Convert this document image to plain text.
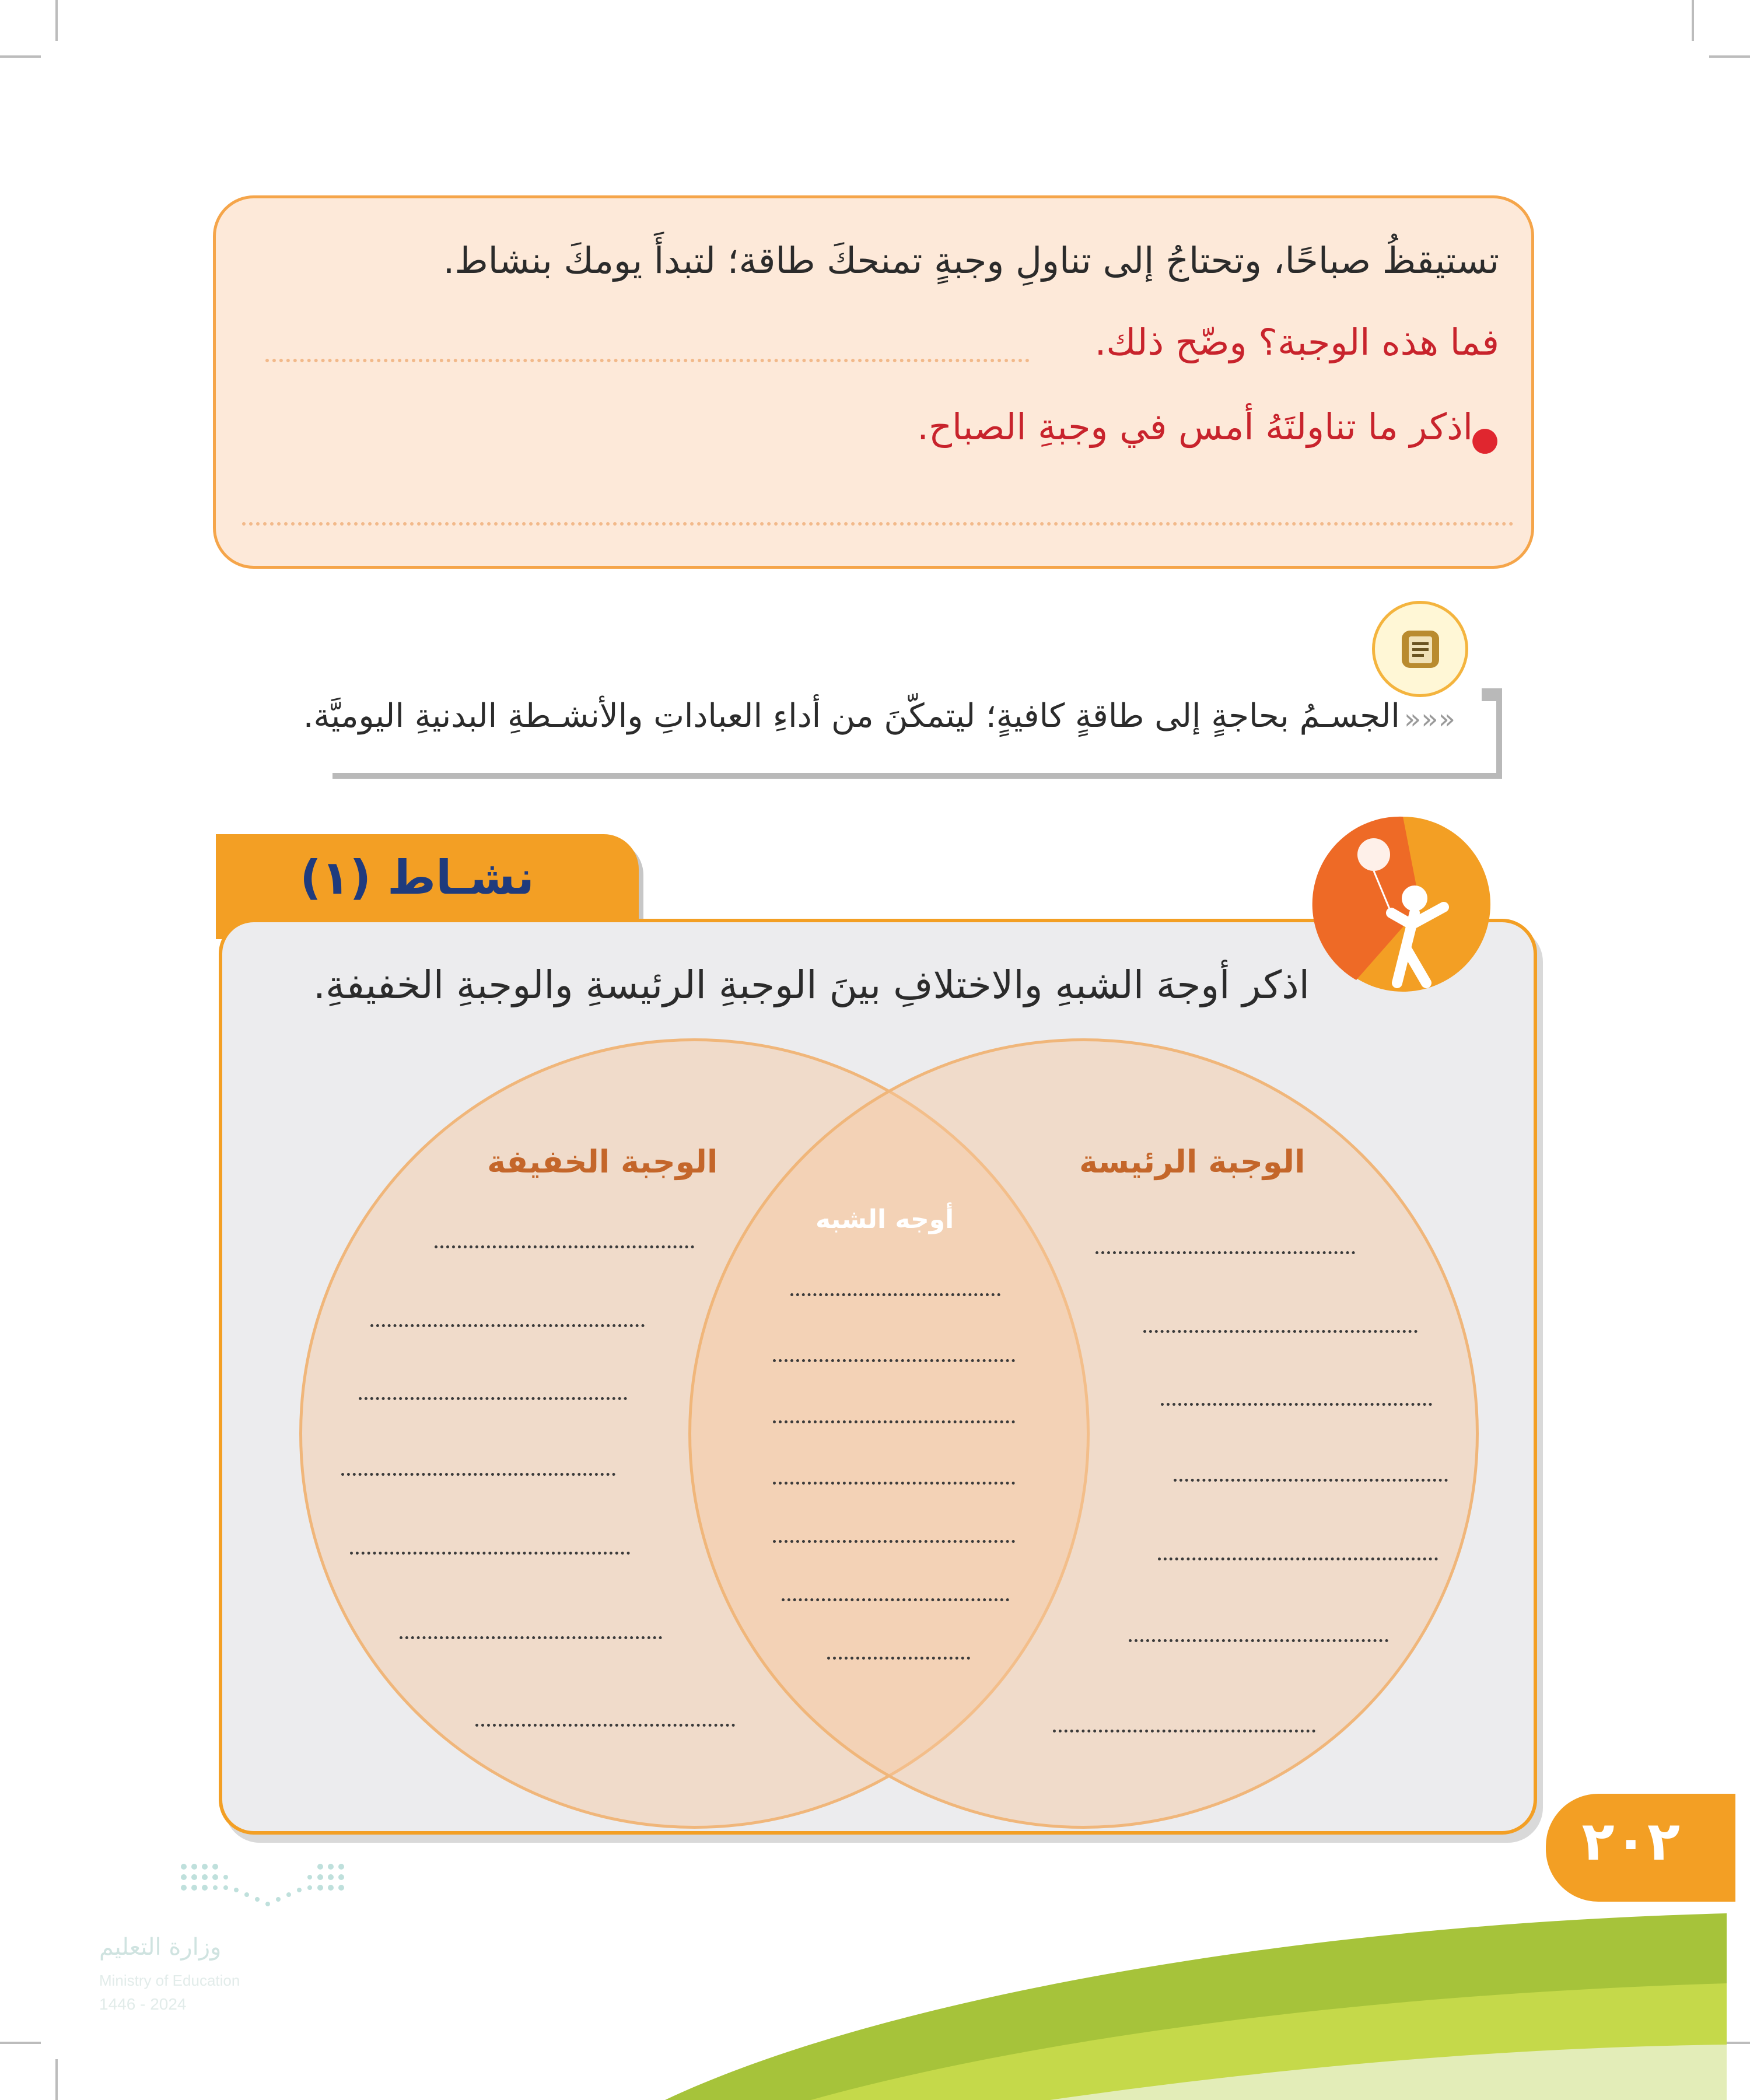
تستيقظُ صباحًا، وتحتاجُ إلى تناولِ وجبةٍ تمنحكَ طاقة؛ لتبدأَ يومكَ بنشاط.
فما هذه الوجبة؟ وضّح ذلك.
●
اذكر ما تناولتَهُ أمس في وجبةِ الصباح.
«««
الجسـمُ بحاجةٍ إلى طاقةٍ كافيةٍ؛ ليتمكّنَ من أداءِ العباداتِ والأنشـطةِ البدنيةِ اليوميَّة.
نشـاط (١)
اذكر أوجهَ الشبهِ والاختلافِ بينَ الوجبةِ الرئيسةِ والوجبةِ الخفيفةِ.
الوجبة الخفيفة	الوجبة الرئيسة
أوجه الشبه
٢٠٢
وزارة التعليم
Ministry of Education
2024 - 1446
